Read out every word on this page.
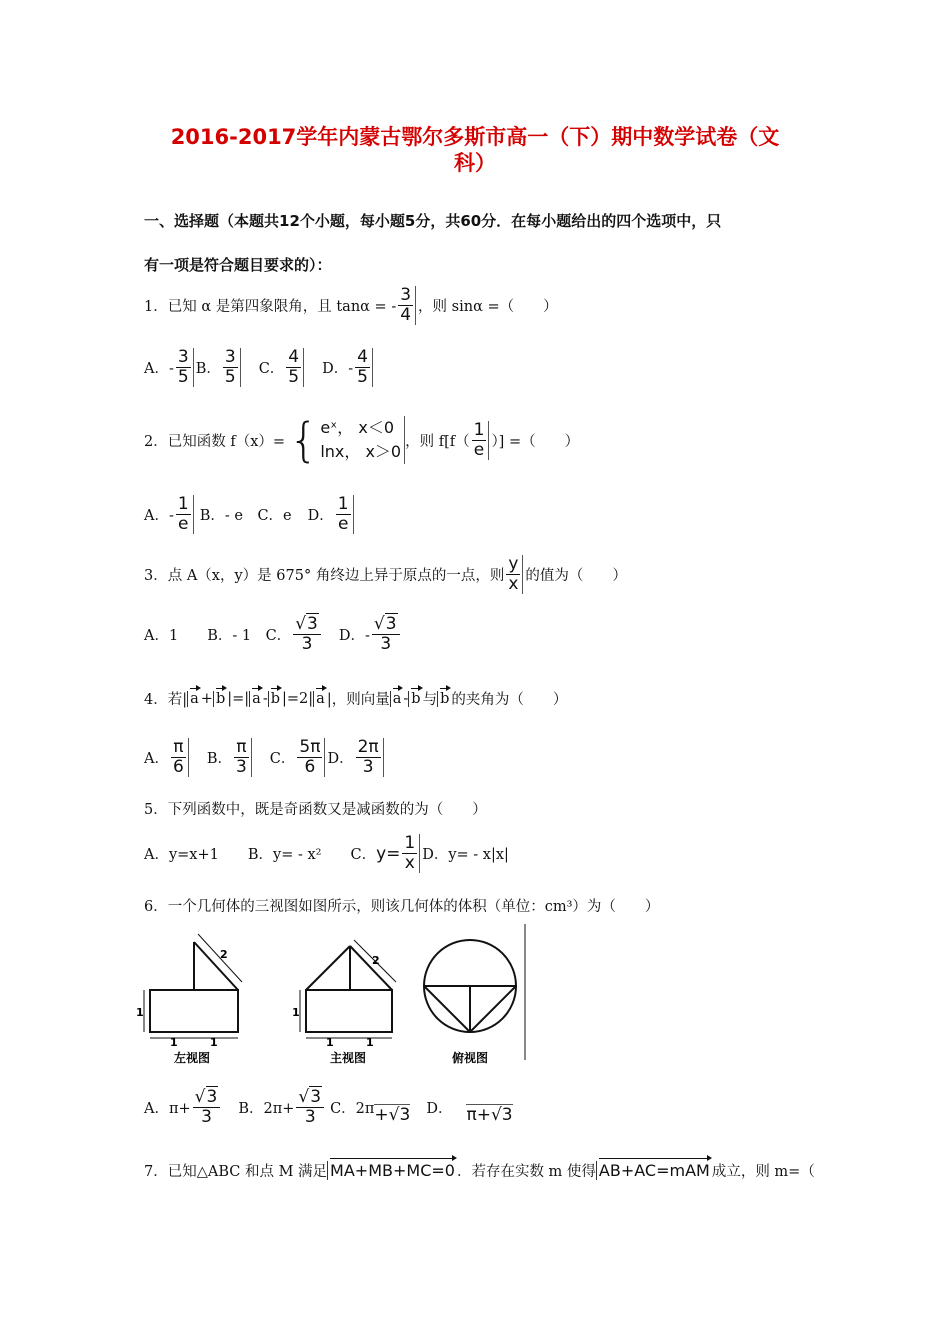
2016-2017学年内蒙古鄂尔多斯市高一（下）期中数学试卷（文
科）
一、选择题（本题共12个小题，每小题5分，共60分．在每小题给出的四个选项中，只
有一项是符合题目要求的）：
1．已知 α 是第四象限角，且 tanα = - $\frac{3}{4}$ ，则 sinα =（　　）
A．- $\frac{3}{5}$ B． $\frac{3}{5}$ C． $\frac{4}{5}$ D．- $\frac{4}{5}$
2．已知函数 f（x）= { eˣ， x＜0
lnx， x＞0
，则 $f[f( \frac{1}{e}$ ）] =（　　）
A．- $\frac{1}{e}$ B．- e　C．e D． $\frac{1}{e}$
3．点 A（x，y）是 675° 角终边上异于原点的一点，则 $\frac{y}{x}$ 的值为（　　）
A．1　　B．- 1　C． $\frac{√3}{3}$ D．- $\frac{√3}{3}$
4．若| a + b |=| a - b |=2| a |，则向量 a - b 与 b 的夹角为（　　）
A． $\frac{\pi}{6}$ B． $\frac{\pi}{3}$ C． $\frac{5\pi}{6}$ D． $\frac{2\pi}{3}$
5．下列函数中，既是奇函数又是减函数的为（　　）
A．y=x+1　　B．y= - x²　　C． $y= \frac{1}{x}$ D．y= - x|x|
6．一个几何体的三视图如图所示，则该几何体的体积（单位：cm³）为（　　）
2
1	1
1
左视图
2
1	1
1
主视图	俯视图
A．$\pi+ \frac{√3}{3}$ B．$2\pi+ \frac{√3}{3}$ C．2π +√3 D． π+√3
7．已知△ABC 和点 M 满足 MA+MB+MC=0 ．若存在实数 m 使得 AB+AC=mAM 成立，则 m=（
